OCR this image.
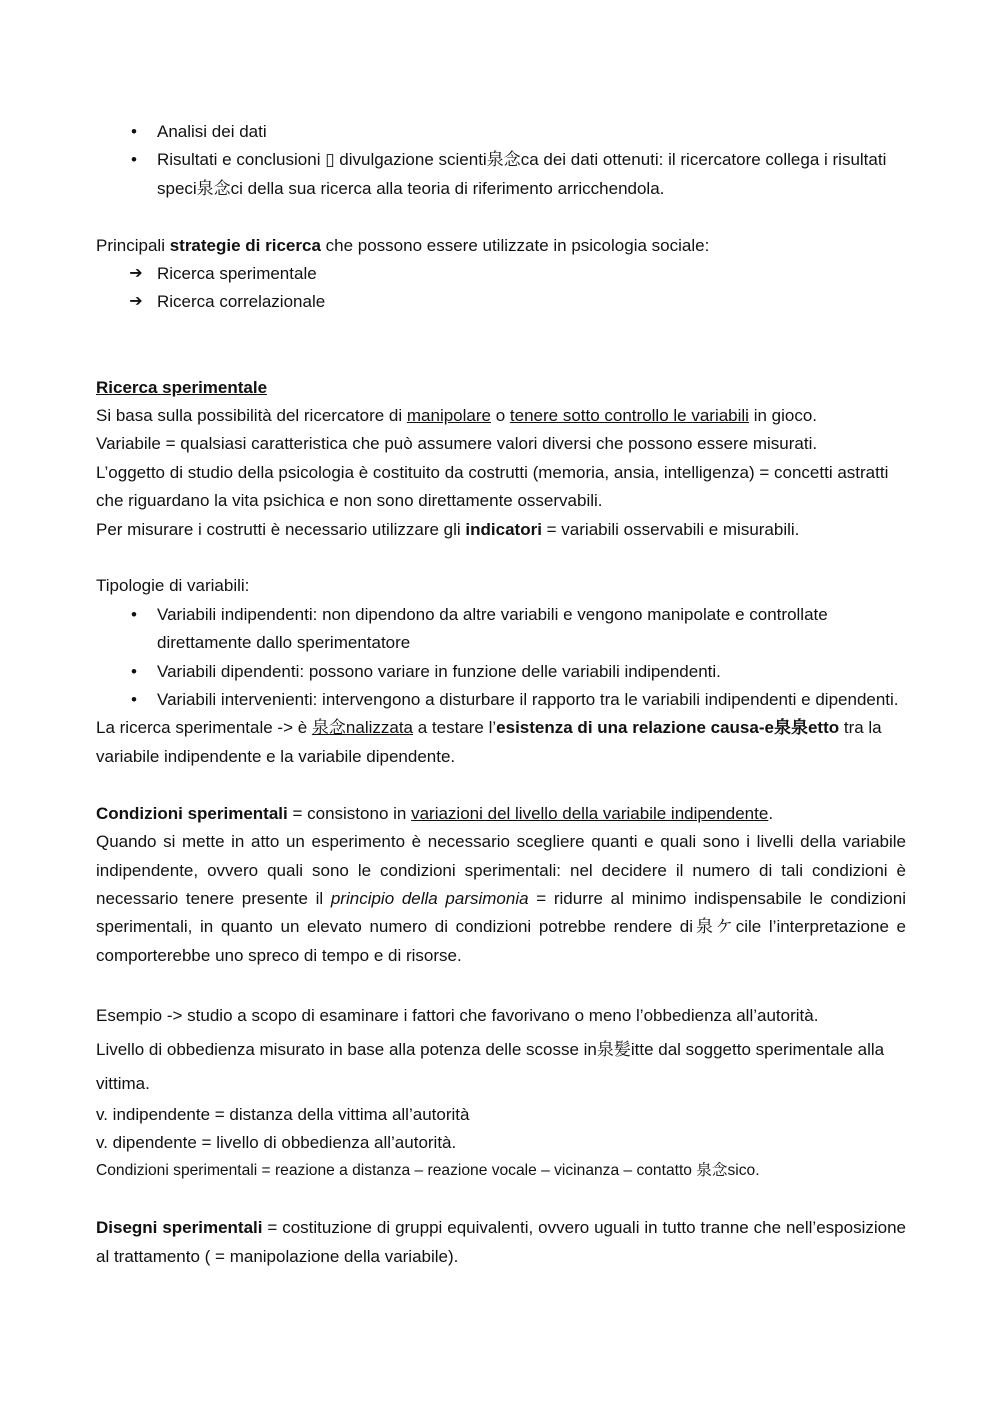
•	Analisi dei dati
•	Risultati e conclusioni ▯ divulgazione scienti泉念ca dei dati ottenuti: il ricercatore collega i risultati speci泉念ci della sua ricerca alla teoria di riferimento arricchendola.

Principali strategie di ricerca che possono essere utilizzate in psicologia sociale:

➔ Ricerca sperimentale
➔ Ricerca correlazionale

Ricerca sperimentale

Si basa sulla possibilità del ricercatore di manipolare o tenere sotto controllo le variabili in gioco.

Variabile = qualsiasi caratteristica che può assumere valori diversi che possono essere misurati.

L’oggetto di studio della psicologia è costituito da costrutti (memoria, ansia, intelligenza) = concetti astratti che riguardano la vita psichica e non sono direttamente osservabili.

Per misurare i costrutti è necessario utilizzare gli indicatori = variabili osservabili e misurabili.

Tipologie di variabili:

•	Variabili indipendenti: non dipendono da altre variabili e vengono manipolate e controllate direttamente dallo sperimentatore
•	Variabili dipendenti: possono variare in funzione delle variabili indipendenti.
•	Variabili intervenienti: intervengono a disturbare il rapporto tra le variabili indipendenti e dipendenti.

La ricerca sperimentale -> è 泉念nalizzata a testare l’esistenza di una relazione causa-e泉泉etto tra la variabile indipendente e la variabile dipendente.

Condizioni sperimentali = consistono in variazioni del livello della variabile indipendente.

Quando si mette in atto un esperimento è necessario scegliere quanti e quali sono i livelli della variabile indipendente, ovvero quali sono le condizioni sperimentali: nel decidere il numero di tali condizioni è necessario tenere presente il principio della parsimonia = ridurre al minimo indispensabile le condizioni sperimentali, in quanto un elevato numero di condizioni potrebbe rendere di泉ケcile l’interpretazione e comporterebbe uno spreco di tempo e di risorse.

Esempio -> studio a scopo di esaminare i fattori che favorivano o meno l’obbedienza all’autorità.

Livello di obbedienza misurato in base alla potenza delle scosse in泉髪itte dal soggetto sperimentale alla vittima.

v. indipendente = distanza della vittima all’autorità

v. dipendente = livello di obbedienza all’autorità.

Condizioni sperimentali = reazione a distanza – reazione vocale – vicinanza – contatto 泉念sico.

Disegni sperimentali = costituzione di gruppi equivalenti, ovvero uguali in tutto tranne che nell’esposizione al trattamento ( = manipolazione della variabile).
